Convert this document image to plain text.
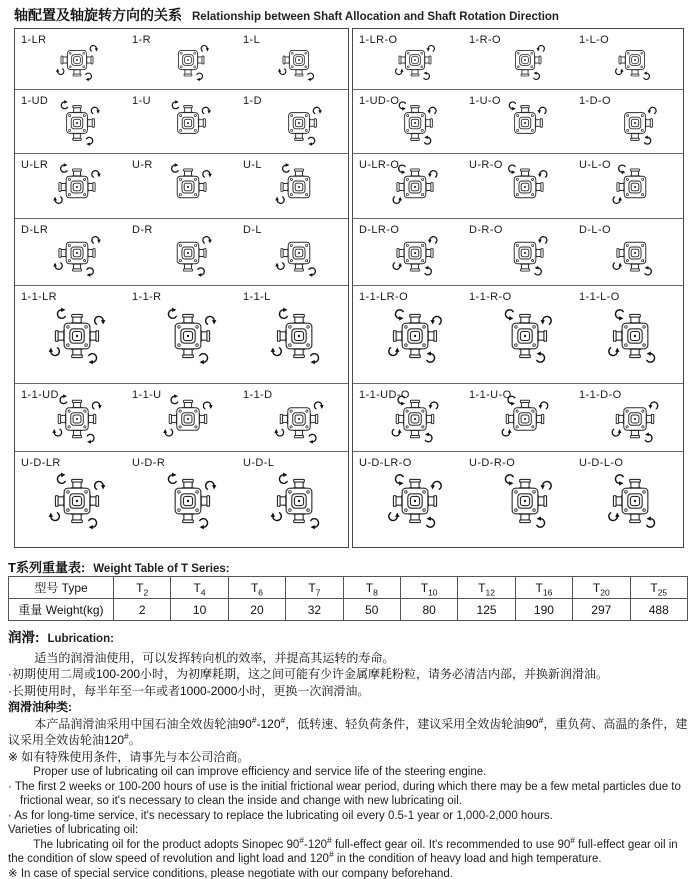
轴配置及轴旋转方向的关系 Relationship between Shaft Allocation and Shaft Rotation Direction
1-LR	1-R	1-L
1-UD	1-U	1-D
U-LR	U-R	U-L
D-LR	D-R	D-L
1-1-LR	1-1-R	1-1-L
1-1-UD	1-1-U	1-1-D
U-D-LR	U-D-R	U-D-L
1-LR-O	1-R-O	1-L-O
1-UD-O	1-U-O	1-D-O
U-LR-O	U-R-O	U-L-O
D-LR-O	D-R-O	D-L-O
1-1-LR-O	1-1-R-O	1-1-L-O
1-1-UD-O	1-1-U-O	1-1-D-O
U-D-LR-O	U-D-R-O	U-D-L-O
T系列重量表: Weight Table of T Series:
型号 Type	$T_2$	$T_4$	$T_6$	$T_7$	$T_8$	$T_{10}$	$T_{12}$	$T_{16}$	$T_{20}$	$T_{25}$
重量 Weight(kg)	2	10	20	32	50	80	125	190	297	488
润滑: Lubrication:
适当的润滑油使用，可以发挥转向机的效率，并提高其运转的寿命。
·初期使用二周或100-200小时，为初摩耗期，这之间可能有少许金属摩耗粉粒，请务必清洁内部，并换新润滑油。
·长期使用时，每半年至一年或者1000-2000小时，更换一次润滑油。
润滑油种类:
本产品润滑油采用中国石油全效齿轮油90#-120#，低转速、轻负荷条件，建议采用全效齿轮油90#，重负荷、高温的条件，建议采用全效齿轮油120#。
※ 如有特殊使用条件，请事先与本公司洽商。
Proper use of lubricating oil can improve efficiency and service life of the steering engine.
· The first 2 weeks or 100-200 hours of use is the initial frictional wear period, during which there may be a few metal particles due to frictional wear, so it's necessary to clean the inside and change with new lubricating oil.
· As for long-time service, it's necessary to replace the lubricating oil every 0.5-1 year or 1,000-2,000 hours.
Varieties of lubricating oil:
The lubricating oil for the product adopts Sinopec 90#-120# full-effect gear oil. It's recommended to use 90# full-effect gear oil in the condition of slow speed of revolution and light load and 120# in the condition of heavy load and high temperature.
※ In case of special service conditions, please negotiate with our company beforehand.
